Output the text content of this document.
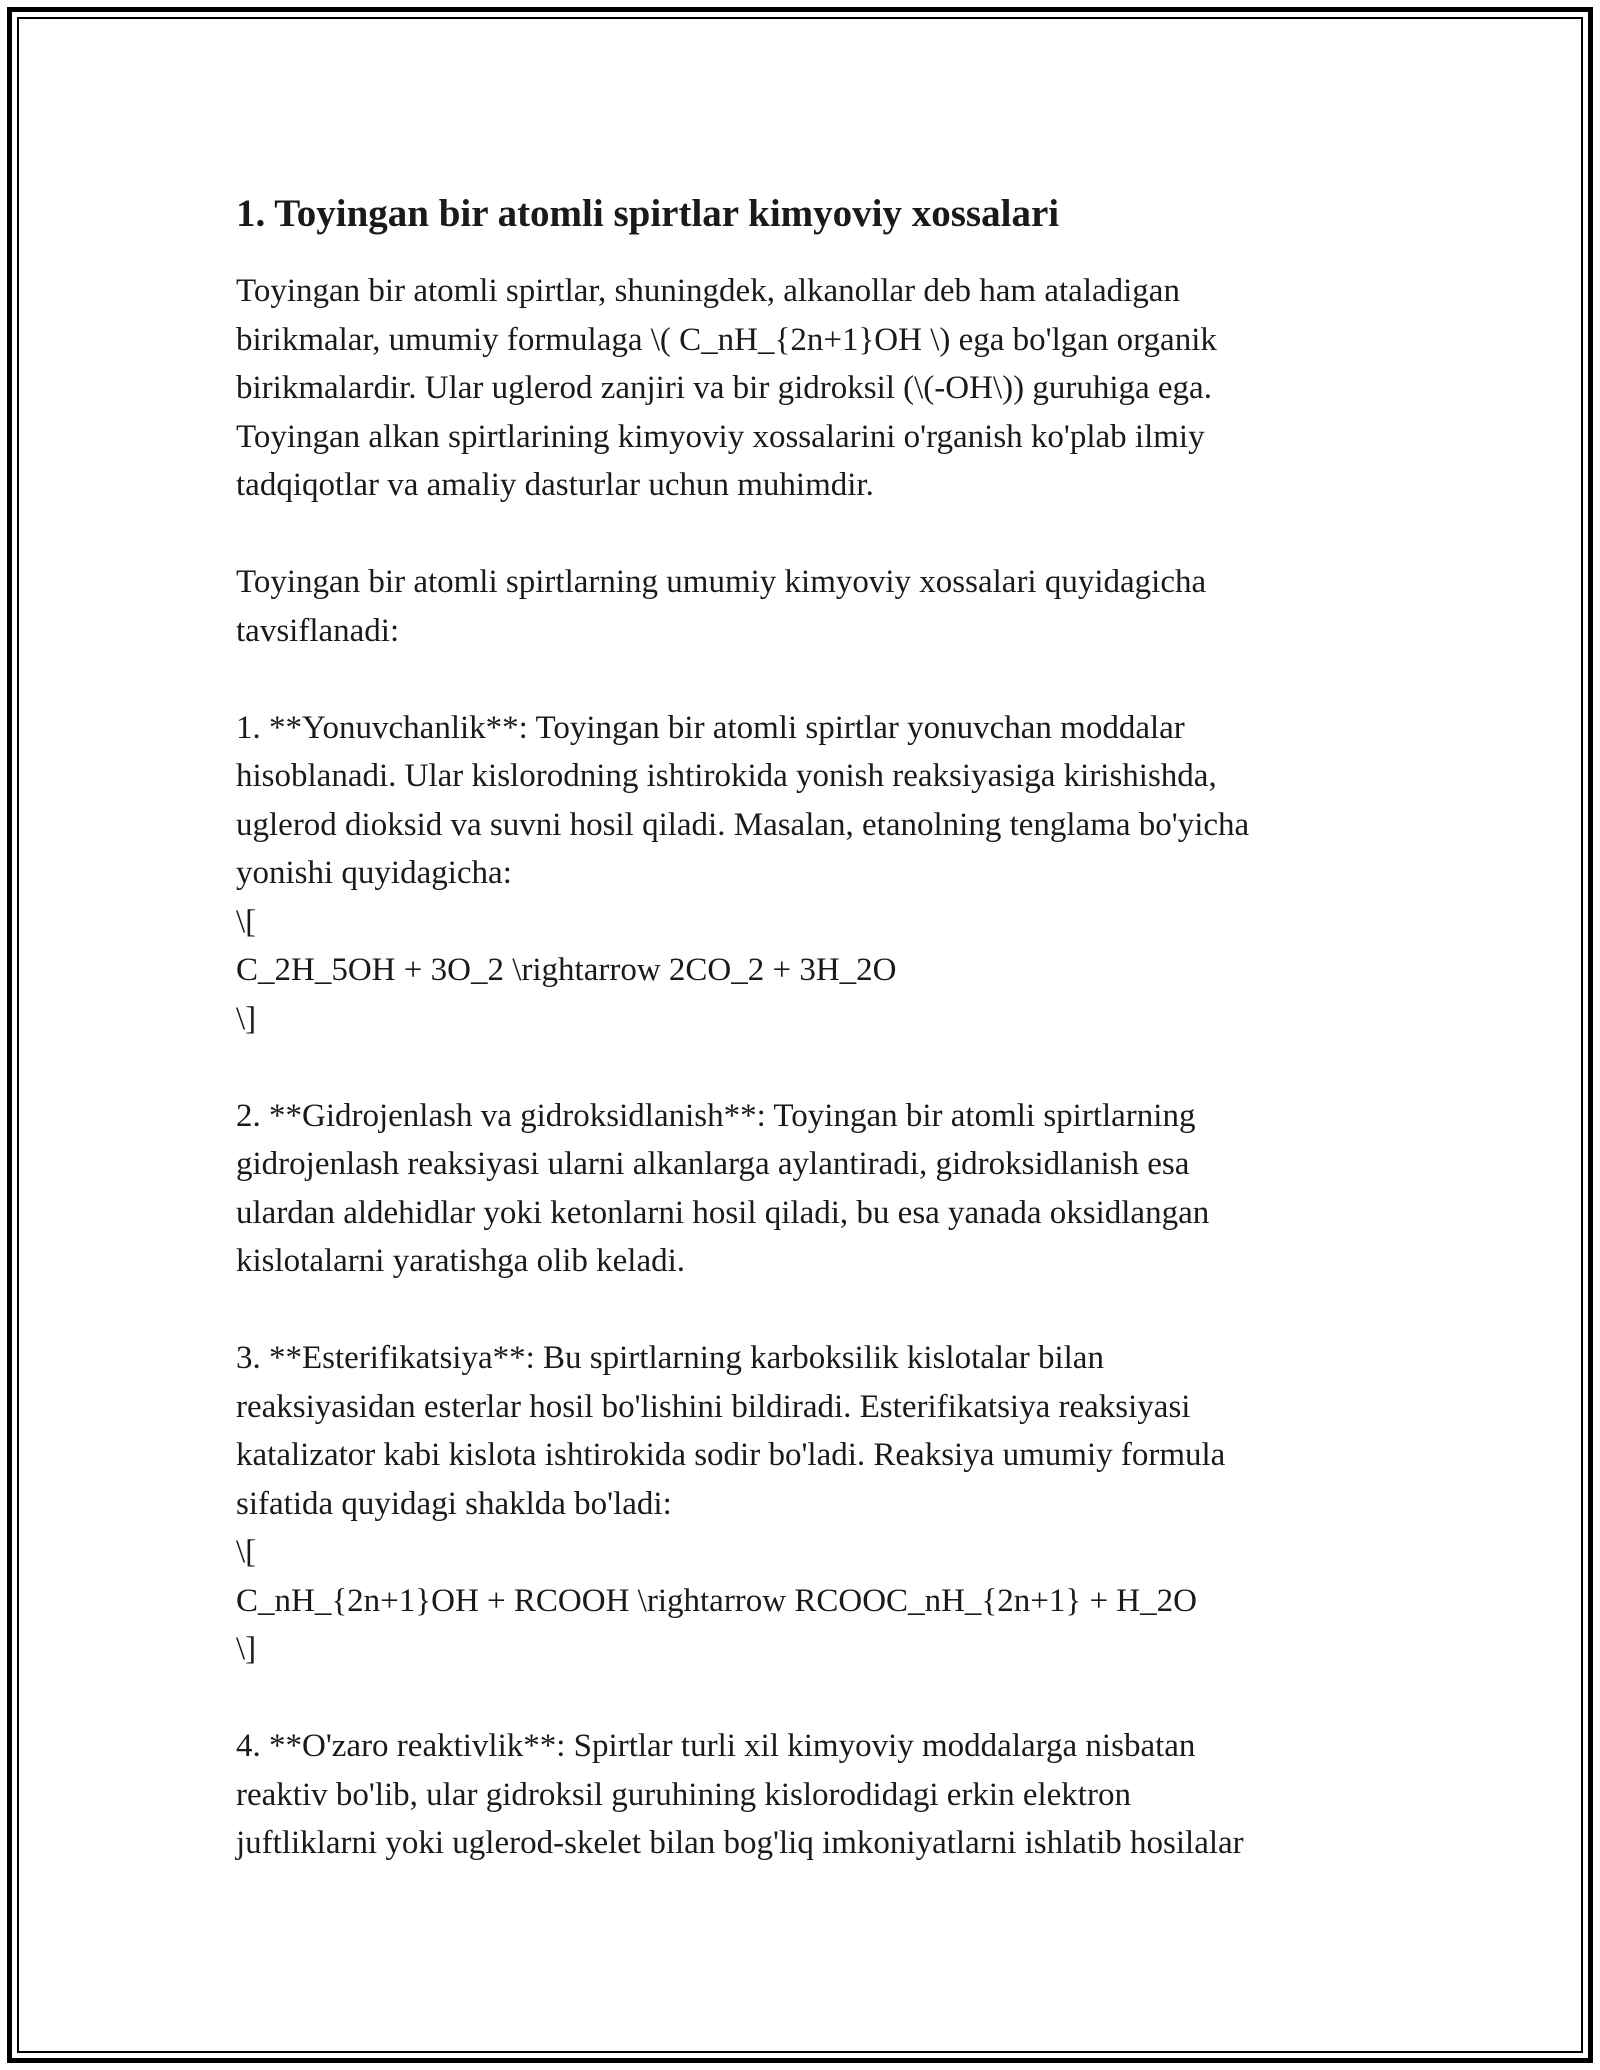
1. Toyingan bir atomli spirtlar kimyoviy xossalari

Toyingan bir atomli spirtlar, shuningdek, alkanollar deb ham ataladigan
birikmalar, umumiy formulaga \( C_nH_{2n+1}OH \) ega bo'lgan organik
birikmalardir. Ular uglerod zanjiri va bir gidroksil (\(-OH\)) guruhiga ega.
Toyingan alkan spirtlarining kimyoviy xossalarini o'rganish ko'plab ilmiy
tadqiqotlar va amaliy dasturlar uchun muhimdir.

Toyingan bir atomli spirtlarning umumiy kimyoviy xossalari quyidagicha
tavsiflanadi:

1. **Yonuvchanlik**: Toyingan bir atomli spirtlar yonuvchan moddalar
hisoblanadi. Ular kislorodning ishtirokida yonish reaksiyasiga kirishishda,
uglerod dioksid va suvni hosil qiladi. Masalan, etanolning tenglama bo'yicha
yonishi quyidagicha:
\[
C_2H_5OH + 3O_2 \rightarrow 2CO_2 + 3H_2O
\]

2. **Gidrojenlash va gidroksidlanish**: Toyingan bir atomli spirtlarning
gidrojenlash reaksiyasi ularni alkanlarga aylantiradi, gidroksidlanish esa
ulardan aldehidlar yoki ketonlarni hosil qiladi, bu esa yanada oksidlangan
kislotalarni yaratishga olib keladi.

3. **Esterifikatsiya**: Bu spirtlarning karboksilik kislotalar bilan
reaksiyasidan esterlar hosil bo'lishini bildiradi. Esterifikatsiya reaksiyasi
katalizator kabi kislota ishtirokida sodir bo'ladi. Reaksiya umumiy formula
sifatida quyidagi shaklda bo'ladi:
\[
C_nH_{2n+1}OH + RCOOH \rightarrow RCOOC_nH_{2n+1} + H_2O
\]

4. **O'zaro reaktivlik**: Spirtlar turli xil kimyoviy moddalarga nisbatan
reaktiv bo'lib, ular gidroksil guruhining kislorodidagi erkin elektron
juftliklarni yoki uglerod-skelet bilan bog'liq imkoniyatlarni ishlatib hosilalar
